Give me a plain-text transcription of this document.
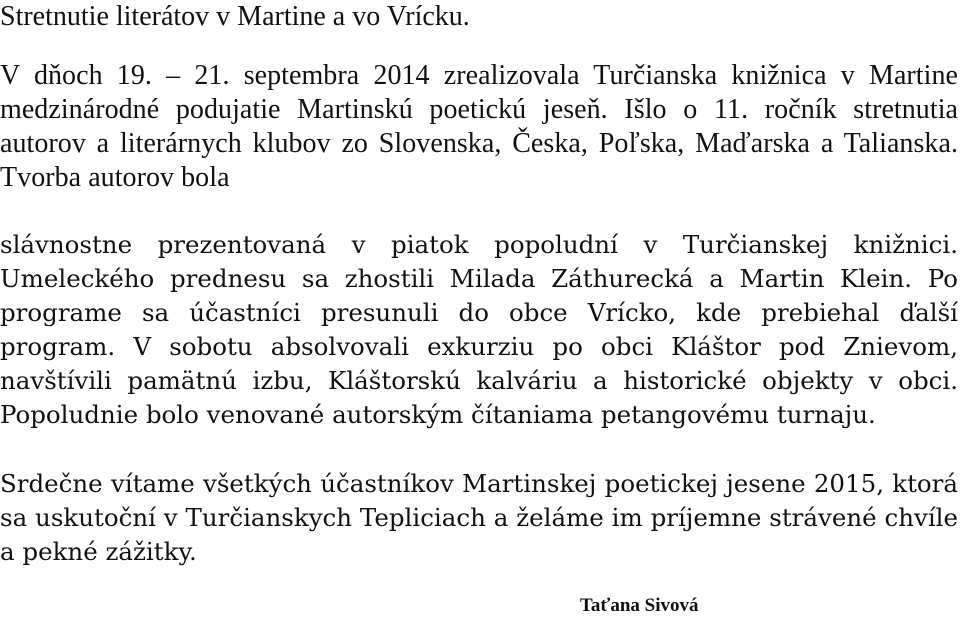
Stretnutie literátov v Martine a vo Vrícku.

V dňoch 19. – 21. septembra 2014 zrealizovala Turčianska knižnica v Martine medzinárodné podujatie Martinskú poetickú jeseň. Išlo o 11. ročník stretnutia autorov a literárnych klubov zo Slovenska, Česka, Poľska, Maďarska a Talianska. Tvorba autorov bola

slávnostne prezentovaná v piatok popoludní v Turčianskej knižnici. Umeleckého prednesu sa zhostili Milada Záthurecká a Martin Klein. Po programe sa účastníci presunuli do obce Vrícko, kde prebiehal ďalší program. V sobotu absolvovali exkurziu po obci Kláštor pod Znievom, navštívili pamätnú izbu, Kláštorskú kalváriu a historické objekty v obci. Popoludnie bolo venované autorským čítaniama petangovému turnaju.

Srdečne vítame všetkých účastníkov Martinskej poetickej jesene 2015, ktorá sa uskutoční v Turčianskych Tepliciach a želáme im príjemne strávené chvíle a pekné zážitky.

Taťana Sivová
